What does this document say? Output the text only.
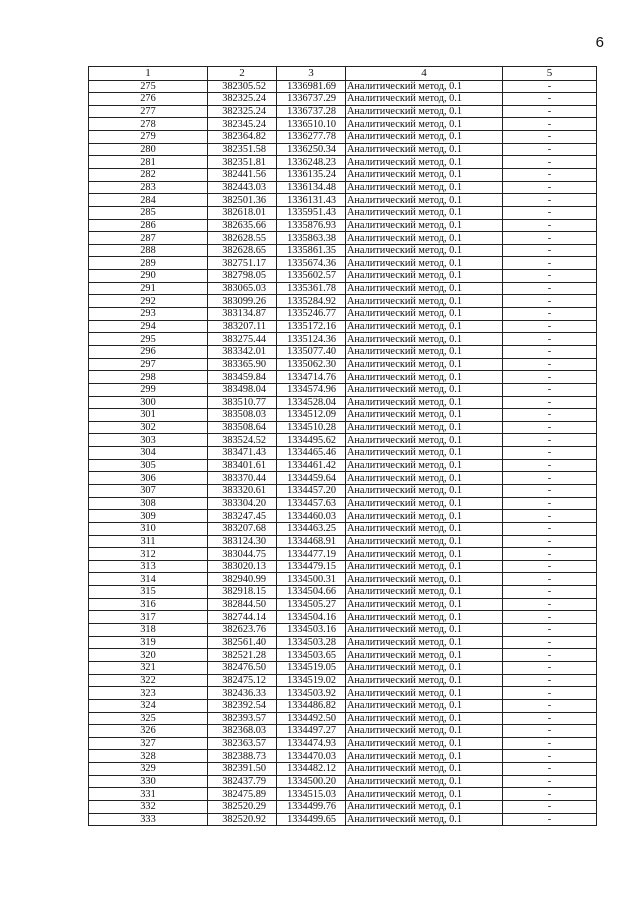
6
1	2	3	4	5
275	382305.52	1336981.69	Аналитический метод, 0.1	-
276	382325.24	1336737.29	Аналитический метод, 0.1	-
277	382325.24	1336737.28	Аналитический метод, 0.1	-
278	382345.24	1336510.10	Аналитический метод, 0.1	-
279	382364.82	1336277.78	Аналитический метод, 0.1	-
280	382351.58	1336250.34	Аналитический метод, 0.1	-
281	382351.81	1336248.23	Аналитический метод, 0.1	-
282	382441.56	1336135.24	Аналитический метод, 0.1	-
283	382443.03	1336134.48	Аналитический метод, 0.1	-
284	382501.36	1336131.43	Аналитический метод, 0.1	-
285	382618.01	1335951.43	Аналитический метод, 0.1	-
286	382635.66	1335876.93	Аналитический метод, 0.1	-
287	382628.55	1335863.38	Аналитический метод, 0.1	-
288	382628.65	1335861.35	Аналитический метод, 0.1	-
289	382751.17	1335674.36	Аналитический метод, 0.1	-
290	382798.05	1335602.57	Аналитический метод, 0.1	-
291	383065.03	1335361.78	Аналитический метод, 0.1	-
292	383099.26	1335284.92	Аналитический метод, 0.1	-
293	383134.87	1335246.77	Аналитический метод, 0.1	-
294	383207.11	1335172.16	Аналитический метод, 0.1	-
295	383275.44	1335124.36	Аналитический метод, 0.1	-
296	383342.01	1335077.40	Аналитический метод, 0.1	-
297	383365.90	1335062.30	Аналитический метод, 0.1	-
298	383459.84	1334714.76	Аналитический метод, 0.1	-
299	383498.04	1334574.96	Аналитический метод, 0.1	-
300	383510.77	1334528.04	Аналитический метод, 0.1	-
301	383508.03	1334512.09	Аналитический метод, 0.1	-
302	383508.64	1334510.28	Аналитический метод, 0.1	-
303	383524.52	1334495.62	Аналитический метод, 0.1	-
304	383471.43	1334465.46	Аналитический метод, 0.1	-
305	383401.61	1334461.42	Аналитический метод, 0.1	-
306	383370.44	1334459.64	Аналитический метод, 0.1	-
307	383320.61	1334457.20	Аналитический метод, 0.1	-
308	383304.20	1334457.63	Аналитический метод, 0.1	-
309	383247.45	1334460.03	Аналитический метод, 0.1	-
310	383207.68	1334463.25	Аналитический метод, 0.1	-
311	383124.30	1334468.91	Аналитический метод, 0.1	-
312	383044.75	1334477.19	Аналитический метод, 0.1	-
313	383020.13	1334479.15	Аналитический метод, 0.1	-
314	382940.99	1334500.31	Аналитический метод, 0.1	-
315	382918.15	1334504.66	Аналитический метод, 0.1	-
316	382844.50	1334505.27	Аналитический метод, 0.1	-
317	382744.14	1334504.16	Аналитический метод, 0.1	-
318	382623.76	1334503.16	Аналитический метод, 0.1	-
319	382561.40	1334503.28	Аналитический метод, 0.1	-
320	382521.28	1334503.65	Аналитический метод, 0.1	-
321	382476.50	1334519.05	Аналитический метод, 0.1	-
322	382475.12	1334519.02	Аналитический метод, 0.1	-
323	382436.33	1334503.92	Аналитический метод, 0.1	-
324	382392.54	1334486.82	Аналитический метод, 0.1	-
325	382393.57	1334492.50	Аналитический метод, 0.1	-
326	382368.03	1334497.27	Аналитический метод, 0.1	-
327	382363.57	1334474.93	Аналитический метод, 0.1	-
328	382388.73	1334470.03	Аналитический метод, 0.1	-
329	382391.50	1334482.12	Аналитический метод, 0.1	-
330	382437.79	1334500.20	Аналитический метод, 0.1	-
331	382475.89	1334515.03	Аналитический метод, 0.1	-
332	382520.29	1334499.76	Аналитический метод, 0.1	-
333	382520.92	1334499.65	Аналитический метод, 0.1	-
